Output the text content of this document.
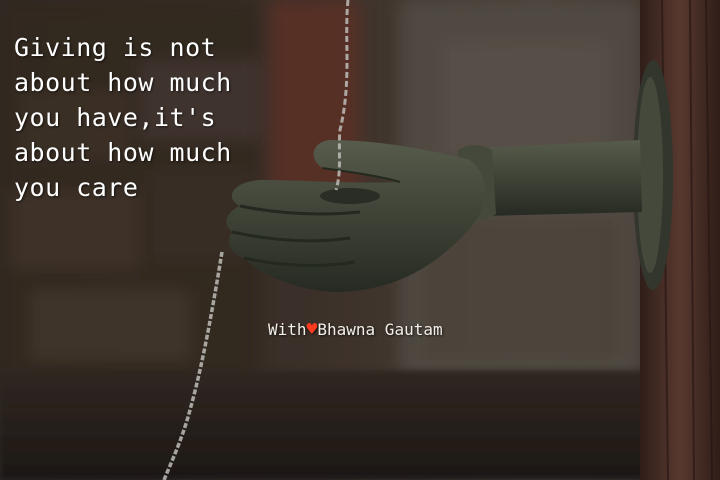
Giving is not
about how much
you have,it's
about how much
you care
With♥Bhawna Gautam
